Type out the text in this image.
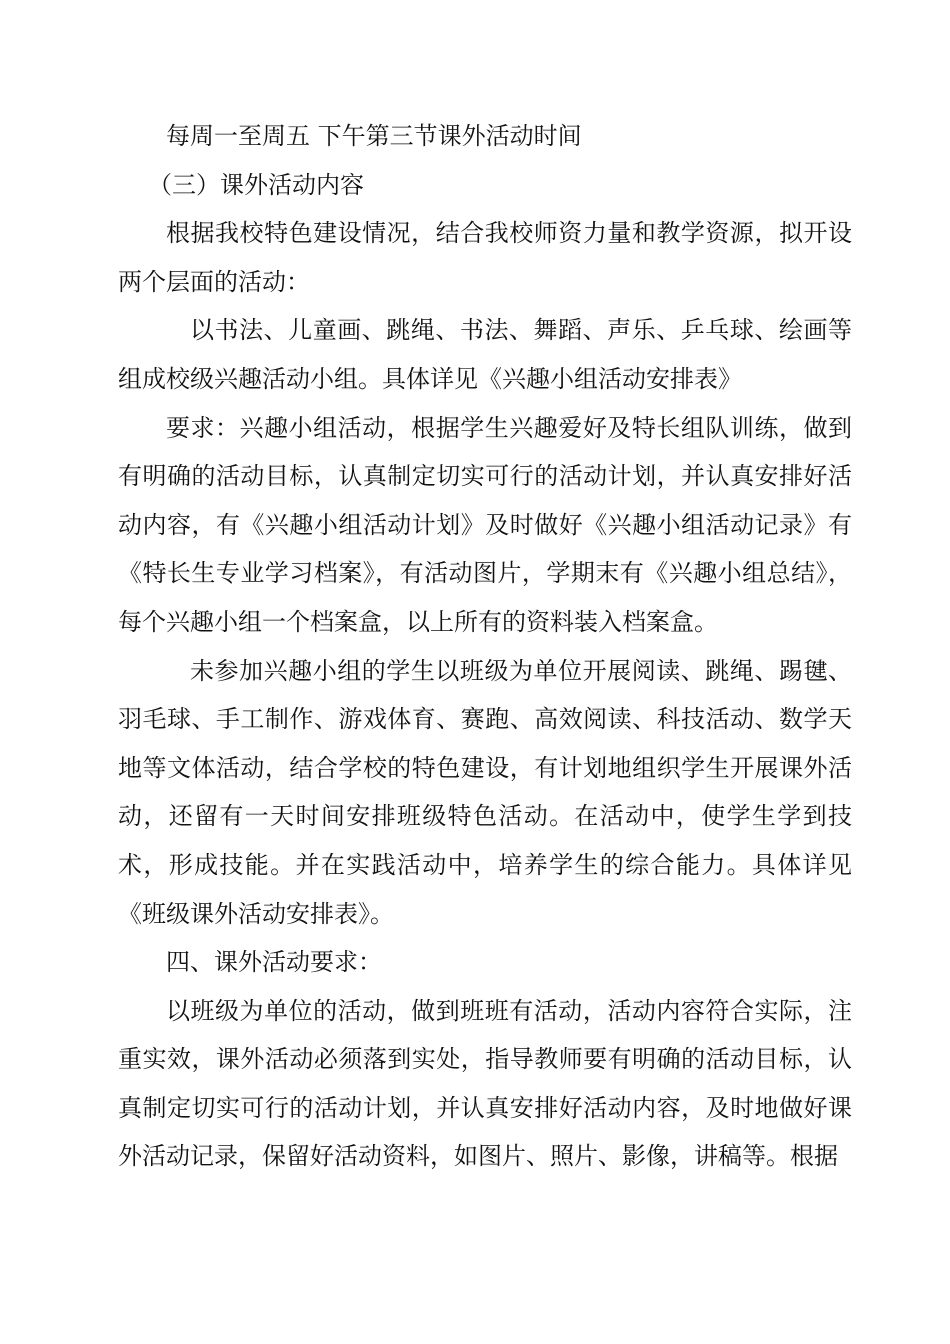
每周一至周五 下午第三节课外活动时间

（三）课外活动内容

根据我校特色建设情况，结合我校师资力量和教学资源，拟开设两个层面的活动：

以书法、儿童画、跳绳、书法、舞蹈、声乐、乒乓球、绘画等组成校级兴趣活动小组。具体详见《兴趣小组活动安排表》

要求：兴趣小组活动，根据学生兴趣爱好及特长组队训练，做到有明确的活动目标，认真制定切实可行的活动计划，并认真安排好活动内容，有《兴趣小组活动计划》及时做好《兴趣小组活动记录》有《特长生专业学习档案》，有活动图片，学期末有《兴趣小组总结》，每个兴趣小组一个档案盒，以上所有的资料装入档案盒。

未参加兴趣小组的学生以班级为单位开展阅读、跳绳、踢毽、羽毛球、手工制作、游戏体育、赛跑、高效阅读、科技活动、数学天地等文体活动，结合学校的特色建设，有计划地组织学生开展课外活动，还留有一天时间安排班级特色活动。在活动中，使学生学到技术，形成技能。并在实践活动中，培养学生的综合能力。具体详见《班级课外活动安排表》。

四、课外活动要求：

以班级为单位的活动，做到班班有活动，活动内容符合实际，注重实效，课外活动必须落到实处，指导教师要有明确的活动目标，认真制定切实可行的活动计划，并认真安排好活动内容，及时地做好课外活动记录，保留好活动资料，如图片、照片、影像，讲稿等。根据
